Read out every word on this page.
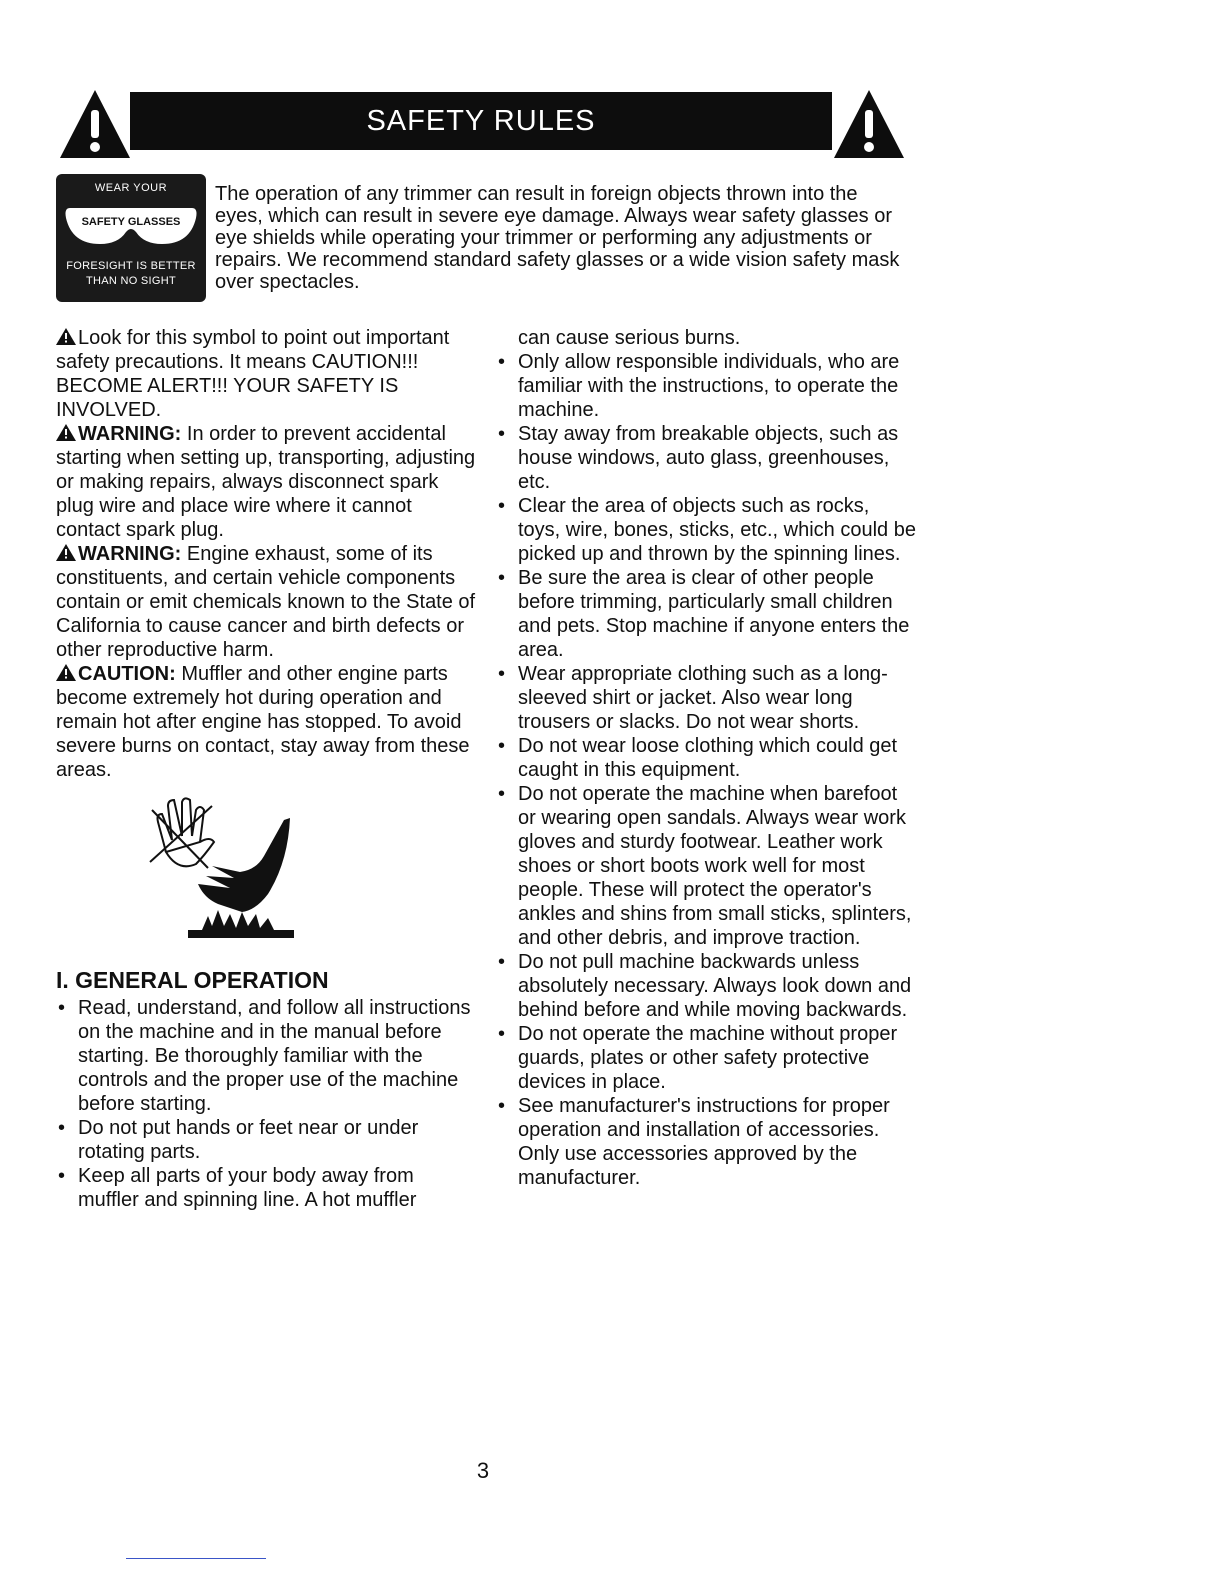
SAFETY RULES
WEAR YOUR
SAFETY GLASSES
FORESIGHT IS BETTER
THAN NO SIGHT
The operation of any trimmer can result in foreign objects thrown into the eyes, which can result in severe eye damage. Always wear safety glasses or eye shields while operating your trimmer or performing any adjustments or repairs. We recommend standard safety glasses or a wide vision safety mask over spectacles.

Look for this symbol to point out important safety precautions. It means CAUTION!!! BECOME ALERT!!! YOUR SAFETY IS INVOLVED.

WARNING: In order to prevent accidental starting when setting up, transporting, adjusting or making repairs, always disconnect spark plug wire and place wire where it cannot contact spark plug.

WARNING: Engine exhaust, some of its constituents, and certain vehicle components contain or emit chemicals known to the State of California to cause cancer and birth defects or other reproductive harm.

CAUTION: Muffler and other engine parts become extremely hot during operation and remain hot after engine has stopped. To avoid severe burns on contact, stay away from these areas.

I. GENERAL OPERATION
• Read, understand, and follow all instructions on the machine and in the manual before starting. Be thoroughly familiar with the controls and the proper use of the machine before starting.
• Do not put hands or feet near or under rotating parts.
• Keep all parts of your body away from muffler and spinning line. A hot muffler
can cause serious burns.
• Only allow responsible individuals, who are familiar with the instructions, to operate the machine.
• Stay away from breakable objects, such as house windows, auto glass, greenhouses, etc.
• Clear the area of objects such as rocks, toys, wire, bones, sticks, etc., which could be picked up and thrown by the spinning lines.
• Be sure the area is clear of other people before trimming, particularly small children and pets. Stop machine if anyone enters the area.
• Wear appropriate clothing such as a long-sleeved shirt or jacket. Also wear long trousers or slacks. Do not wear shorts.
• Do not wear loose clothing which could get caught in this equipment.
• Do not operate the machine when barefoot or wearing open sandals. Always wear work gloves and sturdy footwear. Leather work shoes or short boots work well for most people. These will protect the operator's ankles and shins from small sticks, splinters, and other debris, and improve traction.
• Do not pull machine backwards unless absolutely necessary. Always look down and behind before and while moving backwards.
• Do not operate the machine without proper guards, plates or other safety protective devices in place.
• See manufacturer's instructions for proper operation and installation of accessories. Only use accessories approved by the manufacturer.
3
